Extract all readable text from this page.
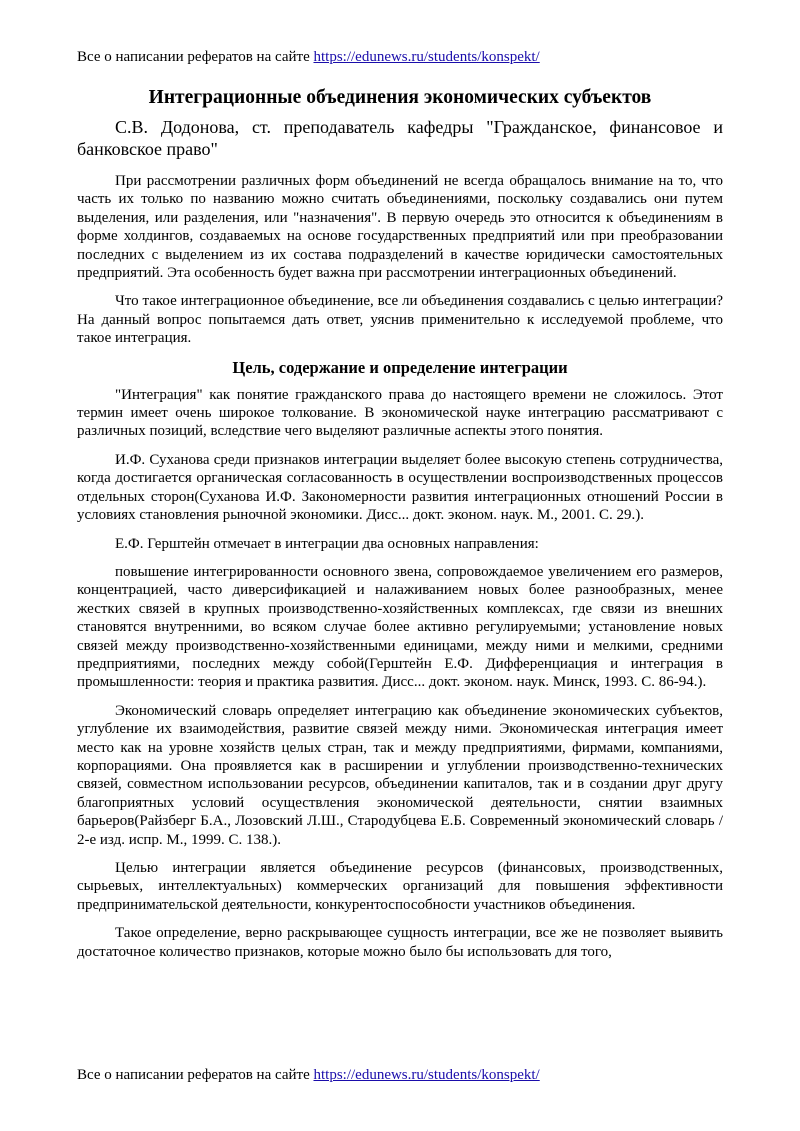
Все о написании рефератов на сайте https://edunews.ru/students/konspekt/
Интеграционные объединения экономических субъектов
С.В. Додонова, ст. преподаватель кафедры "Гражданское, финансовое и банковское право"

При рассмотрении различных форм объединений не всегда обращалось внимание на то, что часть их только по названию можно считать объединениями, поскольку создавались они путем выделения, или разделения, или "назначения". В первую очередь это относится к объединениям в форме холдингов, создаваемых на основе государственных предприятий или при преобразовании последних с выделением из их состава подразделений в качестве юридически самостоятельных предприятий. Эта особенность будет важна при рассмотрении интеграционных объединений.

Что такое интеграционное объединение, все ли объединения создавались с целью интеграции? На данный вопрос попытаемся дать ответ, уяснив применительно к исследуемой проблеме, что такое интеграция.

Цель, содержание и определение интеграции

"Интеграция" как понятие гражданского права до настоящего времени не сложилось. Этот термин имеет очень широкое толкование. В экономической науке интеграцию рассматривают с различных позиций, вследствие чего выделяют различные аспекты этого понятия.

И.Ф. Суханова среди признаков интеграции выделяет более высокую степень сотрудничества, когда достигается органическая согласованность в осуществлении воспроизводственных процессов отдельных сторон(Суханова И.Ф. Закономерности развития интеграционных отношений России в условиях становления рыночной экономики. Дисс... докт. эконом. наук. М., 2001. С. 29.).

Е.Ф. Герштейн отмечает в интеграции два основных направления:

повышение интегрированности основного звена, сопровождаемое увеличением его размеров, концентрацией, часто диверсификацией и налаживанием новых более разнообразных, менее жестких связей в крупных производственно-хозяйственных комплексах, где связи из внешних становятся внутренними, во всяком случае более активно регулируемыми; установление новых связей между производственно-хозяйственными единицами, между ними и мелкими, средними предприятиями, последних между собой(Герштейн Е.Ф. Дифференциация и интеграция в промышленности: теория и практика развития. Дисс... докт. эконом. наук. Минск, 1993. С. 86-94.).

Экономический словарь определяет интеграцию как объединение экономических субъектов, углубление их взаимодействия, развитие связей между ними. Экономическая интеграция имеет место как на уровне хозяйств целых стран, так и между предприятиями, фирмами, компаниями, корпорациями. Она проявляется как в расширении и углублении производственно-технических связей, совместном использовании ресурсов, объединении капиталов, так и в создании друг другу благоприятных условий осуществления экономической деятельности, снятии взаимных барьеров(Райзберг Б.А., Лозовский Л.Ш., Стародубцева Е.Б. Современный экономический словарь / 2-е изд. испр. М., 1999. С. 138.).

Целью интеграции является объединение ресурсов (финансовых, производственных, сырьевых, интеллектуальных) коммерческих организаций для повышения эффективности предпринимательской деятельности, конкурентоспособности участников объединения.

Такое определение, верно раскрывающее сущность интеграции, все же не позволяет выявить достаточное количество признаков, которые можно было бы использовать для того,

Все о написании рефератов на сайте https://edunews.ru/students/konspekt/
